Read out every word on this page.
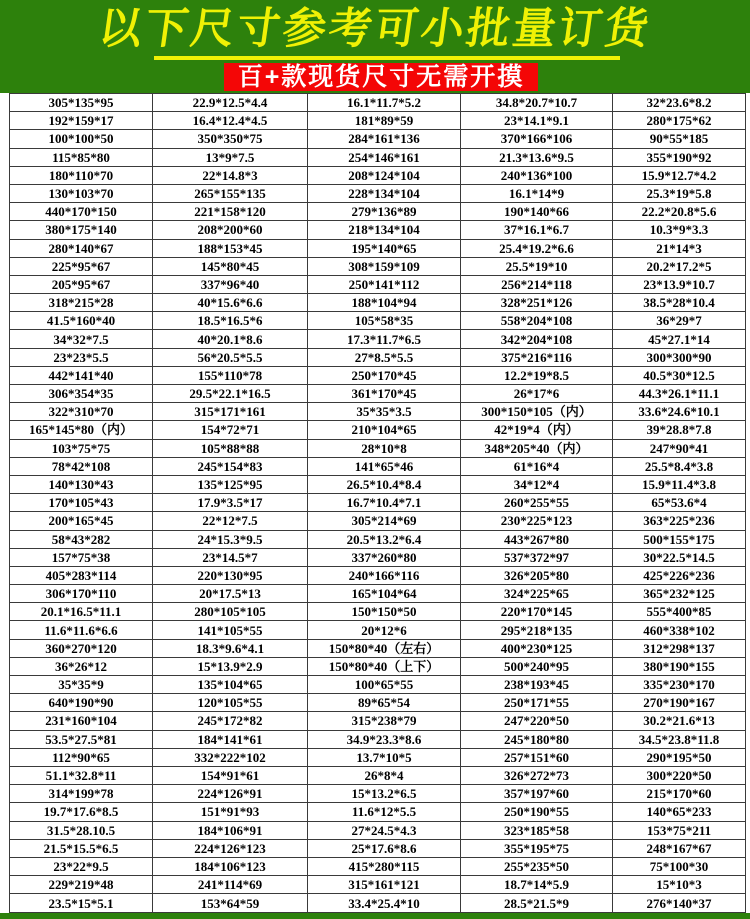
以下尺寸参考可小批量订货
百+款现货尺寸无需开摸
305*135*95	22.9*12.5*4.4	16.1*11.7*5.2	34.8*20.7*10.7	32*23.6*8.2
192*159*17	16.4*12.4*4.5	181*89*59	23*14.1*9.1	280*175*62
100*100*50	350*350*75	284*161*136	370*166*106	90*55*185
115*85*80	13*9*7.5	254*146*161	21.3*13.6*9.5	355*190*92
180*110*70	22*14.8*3	208*124*104	240*136*100	15.9*12.7*4.2
130*103*70	265*155*135	228*134*104	16.1*14*9	25.3*19*5.8
440*170*150	221*158*120	279*136*89	190*140*66	22.2*20.8*5.6
380*175*140	208*200*60	218*134*104	37*16.1*6.7	10.3*9*3.3
280*140*67	188*153*45	195*140*65	25.4*19.2*6.6	21*14*3
225*95*67	145*80*45	308*159*109	25.5*19*10	20.2*17.2*5
205*95*67	337*96*40	250*141*112	256*214*118	23*13.9*10.7
318*215*28	40*15.6*6.6	188*104*94	328*251*126	38.5*28*10.4
41.5*160*40	18.5*16.5*6	105*58*35	558*204*108	36*29*7
34*32*7.5	40*20.1*8.6	17.3*11.7*6.5	342*204*108	45*27.1*14
23*23*5.5	56*20.5*5.5	27*8.5*5.5	375*216*116	300*300*90
442*141*40	155*110*78	250*170*45	12.2*19*8.5	40.5*30*12.5
306*354*35	29.5*22.1*16.5	361*170*45	26*17*6	44.3*26.1*11.1
322*310*70	315*171*161	35*35*3.5	300*150*105（内）	33.6*24.6*10.1
165*145*80（内）	154*72*71	210*104*65	42*19*4（内）	39*28.8*7.8
103*75*75	105*88*88	28*10*8	348*205*40（内）	247*90*41
78*42*108	245*154*83	141*65*46	61*16*4	25.5*8.4*3.8
140*130*43	135*125*95	26.5*10.4*8.4	34*12*4	15.9*11.4*3.8
170*105*43	17.9*3.5*17	16.7*10.4*7.1	260*255*55	65*53.6*4
200*165*45	22*12*7.5	305*214*69	230*225*123	363*225*236
58*43*282	24*15.3*9.5	20.5*13.2*6.4	443*267*80	500*155*175
157*75*38	23*14.5*7	337*260*80	537*372*97	30*22.5*14.5
405*283*114	220*130*95	240*166*116	326*205*80	425*226*236
306*170*110	20*17.5*13	165*104*64	324*225*65	365*232*125
20.1*16.5*11.1	280*105*105	150*150*50	220*170*145	555*400*85
11.6*11.6*6.6	141*105*55	20*12*6	295*218*135	460*338*102
360*270*120	18.3*9.6*4.1	150*80*40（左右）	400*230*125	312*298*137
36*26*12	15*13.9*2.9	150*80*40（上下）	500*240*95	380*190*155
35*35*9	135*104*65	100*65*55	238*193*45	335*230*170
640*190*90	120*105*55	89*65*54	250*171*55	270*190*167
231*160*104	245*172*82	315*238*79	247*220*50	30.2*21.6*13
53.5*27.5*81	184*141*61	34.9*23.3*8.6	245*180*80	34.5*23.8*11.8
112*90*65	332*222*102	13.7*10*5	257*151*60	290*195*50
51.1*32.8*11	154*91*61	26*8*4	326*272*73	300*220*50
314*199*78	224*126*91	15*13.2*6.5	357*197*60	215*170*60
19.7*17.6*8.5	151*91*93	11.6*12*5.5	250*190*55	140*65*233
31.5*28.10.5	184*106*91	27*24.5*4.3	323*185*58	153*75*211
21.5*15.5*6.5	224*126*123	25*17.6*8.6	355*195*75	248*167*67
23*22*9.5	184*106*123	415*280*115	255*235*50	75*100*30
229*219*48	241*114*69	315*161*121	18.7*14*5.9	15*10*3
23.5*15*5.1	153*64*59	33.4*25.4*10	28.5*21.5*9	276*140*37
